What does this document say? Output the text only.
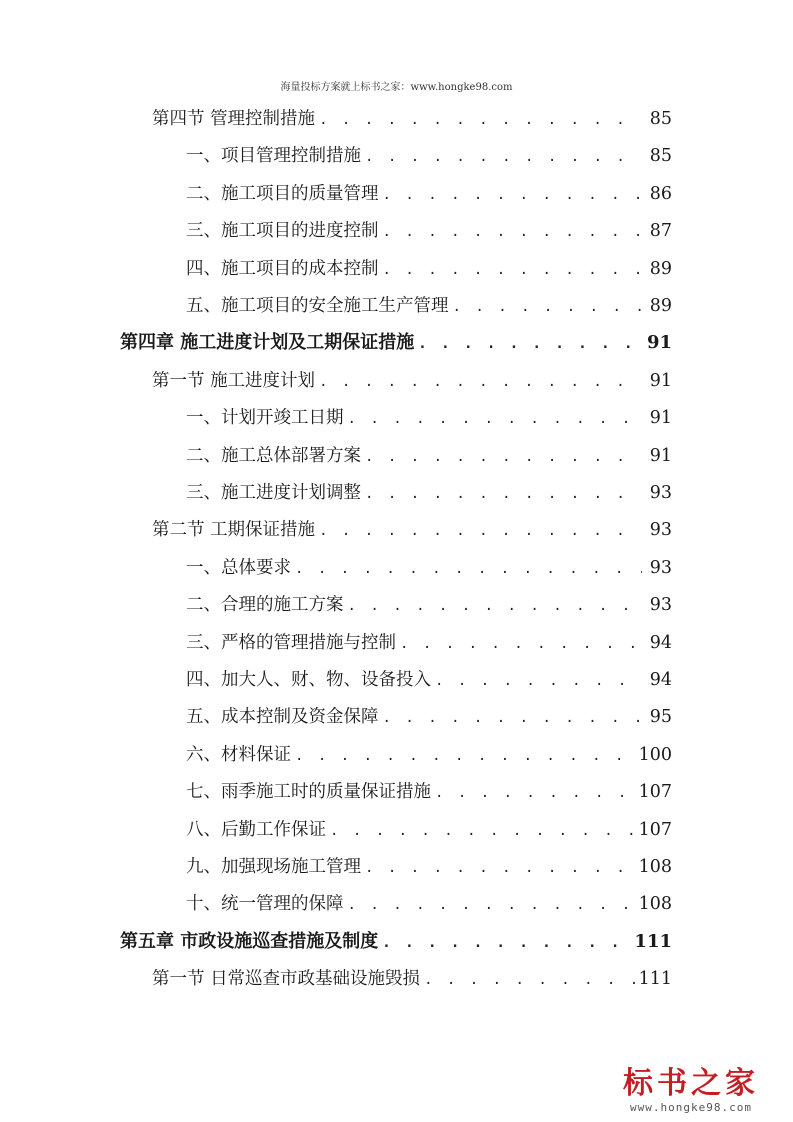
海量投标方案就上标书之家：www.hongke98.com
第四节 管理控制措施 . . .	85
一、项目管理控制措施 . . .	85
二、施工项目的质量管理 . . .	86
三、施工项目的进度控制 . . .	87
四、施工项目的成本控制 . . .	89
五、施工项目的安全施工生产管理 . . .	89
第四章 施工进度计划及工期保证措施 . . .	91
第一节 施工进度计划 . . .	91
一、计划开竣工日期 . . .	91
二、施工总体部署方案 . . .	91
三、施工进度计划调整 . . .	93
第二节 工期保证措施 . . .	93
一、总体要求 . . .	93
二、合理的施工方案 . . .	93
三、严格的管理措施与控制 . . .	94
四、加大人、财、物、设备投入 . . .	94
五、成本控制及资金保障 . . .	95
六、材料保证 . . .	100
七、雨季施工时的质量保证措施 . . .	107
八、后勤工作保证 . . .	107
九、加强现场施工管理 . . .	108
十、统一管理的保障 . . .	108
第五章 市政设施巡查措施及制度 . . .	111
第一节 日常巡查市政基础设施毁损 . . .	111
标书之家
www.hongke98.com
